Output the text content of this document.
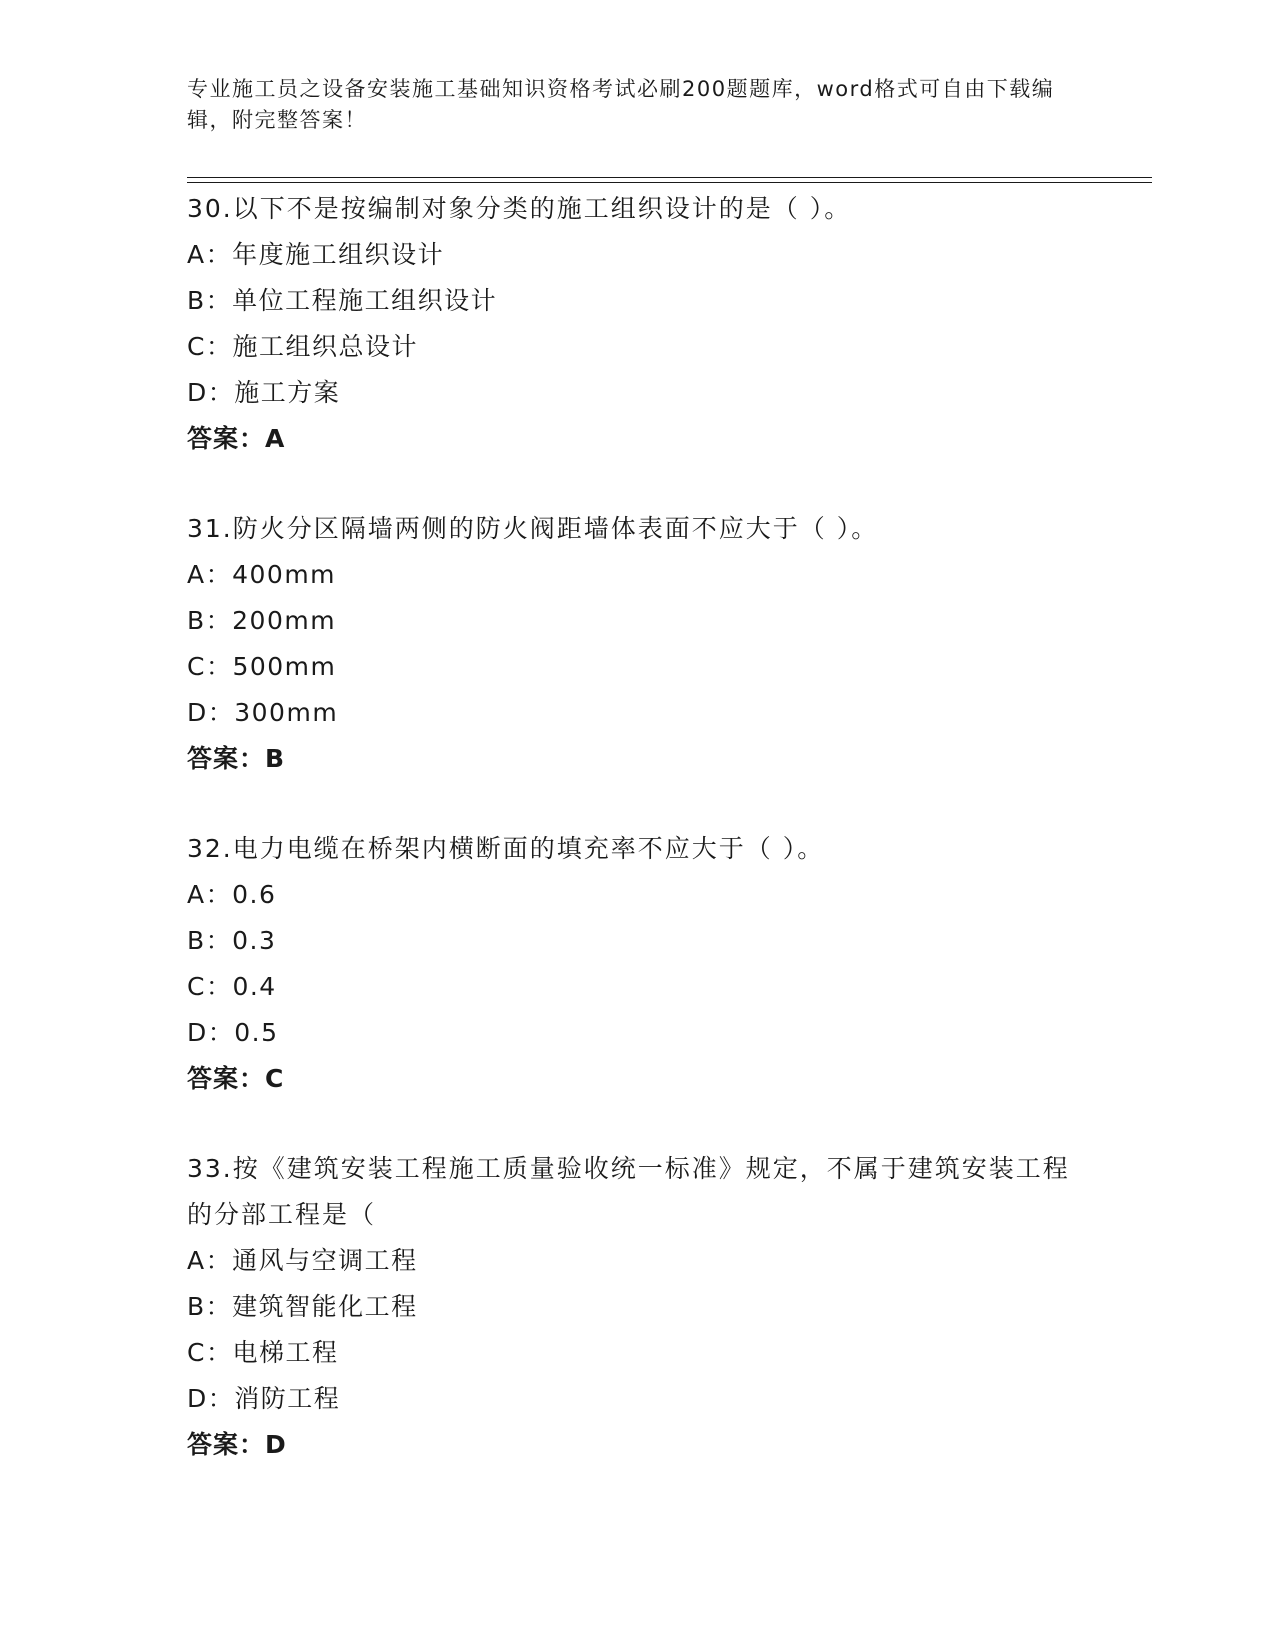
专业施工员之设备安装施工基础知识资格考试必刷200题题库，word格式可自由下载编辑，附完整答案！
30.以下不是按编制对象分类的施工组织设计的是（ ）。
A：年度施工组织设计
B：单位工程施工组织设计
C：施工组织总设计
D：施工方案
答案：A
31.防火分区隔墙两侧的防火阀距墙体表面不应大于（ ）。
A：400mm
B：200mm
C：500mm
D：300mm
答案：B
32.电力电缆在桥架内横断面的填充率不应大于（ ）。
A：0.6
B：0.3
C：0.4
D：0.5
答案：C
33.按《建筑安装工程施工质量验收统一标准》规定，不属于建筑安装工程的分部工程是（
A：通风与空调工程
B：建筑智能化工程
C：电梯工程
D：消防工程
答案：D
